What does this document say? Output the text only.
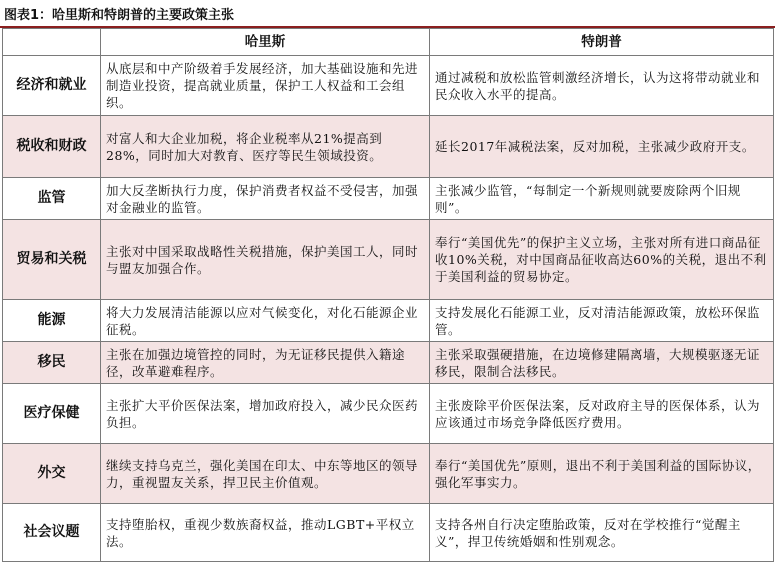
图表1：哈里斯和特朗普的主要政策主张
	哈里斯	特朗普
经济和就业	从底层和中产阶级着手发展经济，加大基础设施和先进制造业投资，提高就业质量，保护工人权益和工会组织。	通过减税和放松监管刺激经济增长，认为这将带动就业和民众收入水平的提高。
税收和财政	对富人和大企业加税，将企业税率从21%提高到28%，同时加大对教育、医疗等民生领域投资。	延长2017年减税法案，反对加税，主张减少政府开支。
监管	加大反垄断执行力度，保护消费者权益不受侵害，加强对金融业的监管。	主张减少监管，“每制定一个新规则就要废除两个旧规则”。
贸易和关税	主张对中国采取战略性关税措施，保护美国工人，同时与盟友加强合作。	奉行“美国优先”的保护主义立场，主张对所有进口商品征收10%关税，对中国商品征收高达60%的关税，退出不利于美国利益的贸易协定。
能源	将大力发展清洁能源以应对气候变化，对化石能源企业征税。	支持发展化石能源工业，反对清洁能源政策，放松环保监管。
移民	主张在加强边境管控的同时，为无证移民提供入籍途径，改革避难程序。	主张采取强硬措施，在边境修建隔离墙，大规模驱逐无证移民，限制合法移民。
医疗保健	主张扩大平价医保法案，增加政府投入，减少民众医药负担。	主张废除平价医保法案，反对政府主导的医保体系，认为应该通过市场竞争降低医疗费用。
外交	继续支持乌克兰，强化美国在印太、中东等地区的领导力，重视盟友关系，捍卫民主价值观。	奉行“美国优先”原则，退出不利于美国利益的国际协议，强化军事实力。
社会议题	支持堕胎权，重视少数族裔权益，推动LGBT+平权立法。	支持各州自行决定堕胎政策，反对在学校推行“觉醒主义”，捍卫传统婚姻和性别观念。
